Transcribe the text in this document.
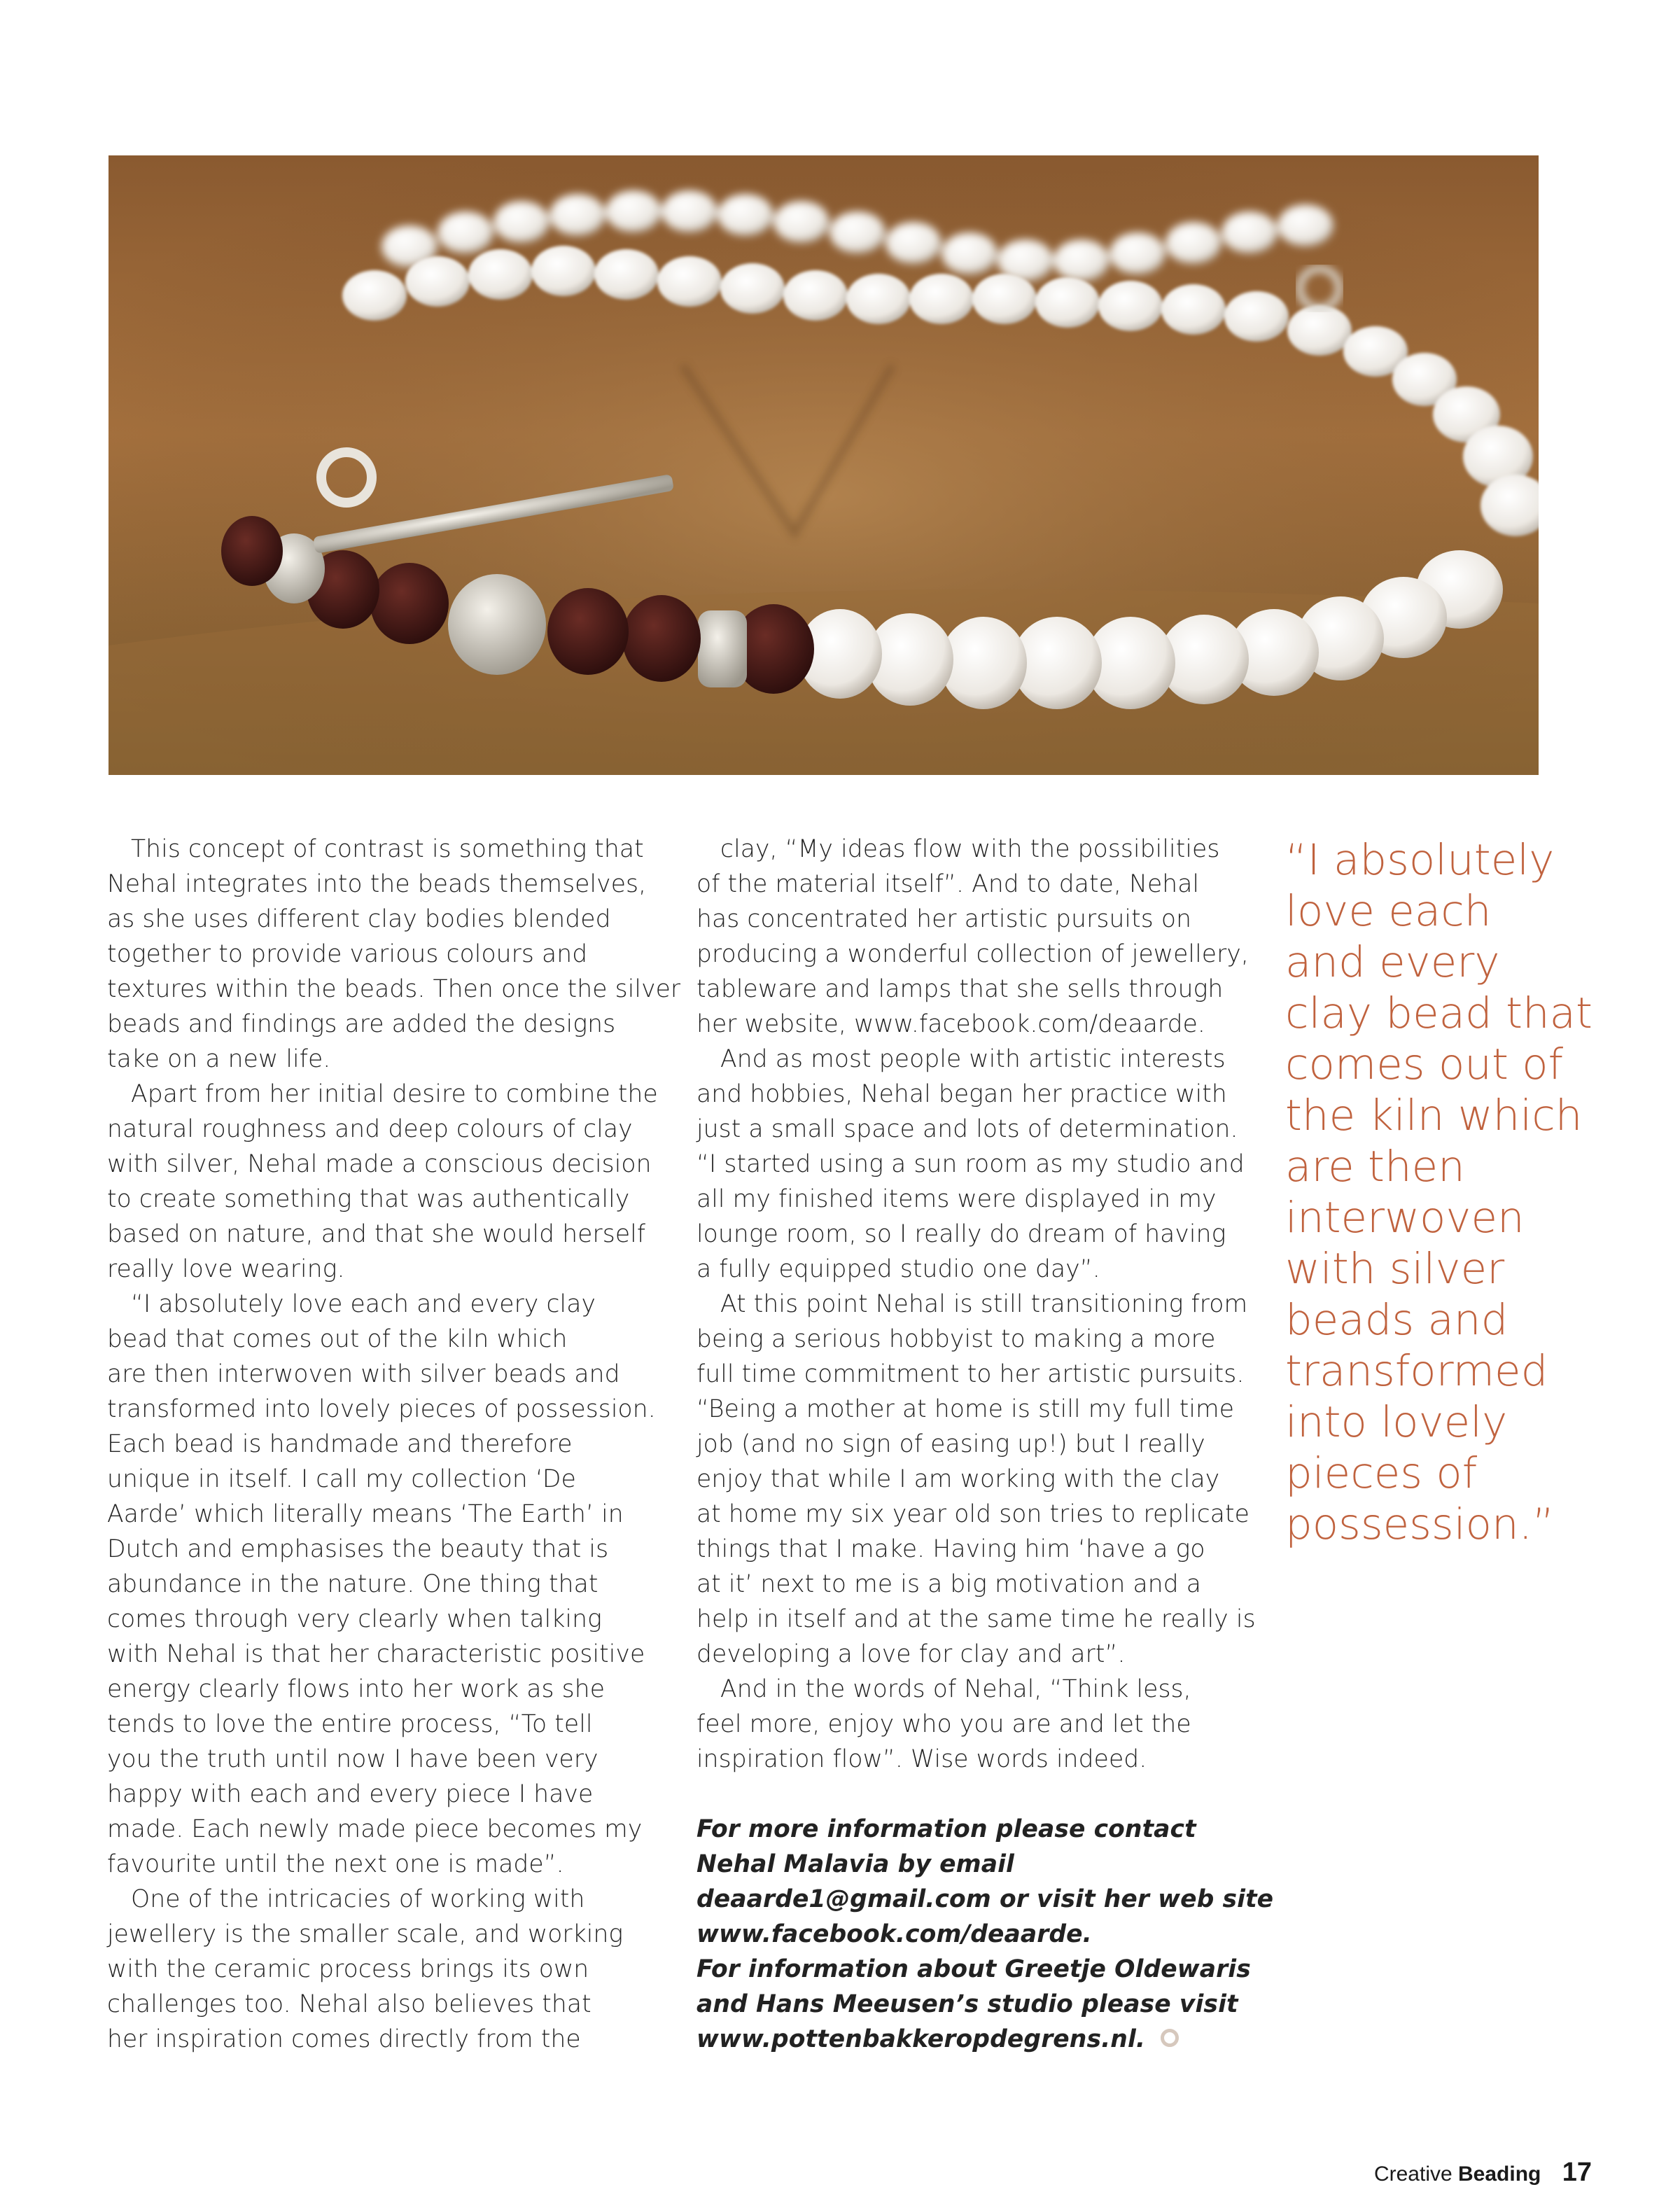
This concept of contrast is something that
Nehal integrates into the beads themselves,
as she uses different clay bodies blended
together to provide various colours and
textures within the beads. Then once the silver
beads and findings are added the designs
take on a new life.

Apart from her initial desire to combine the
natural roughness and deep colours of clay
with silver, Nehal made a conscious decision
to create something that was authentically
based on nature, and that she would herself
really love wearing.

“I absolutely love each and every clay
bead that comes out of the kiln which
are then interwoven with silver beads and
transformed into lovely pieces of possession.
Each bead is handmade and therefore
unique in itself. I call my collection ‘De
Aarde’ which literally means ‘The Earth’ in
Dutch and emphasises the beauty that is
abundance in the nature. One thing that
comes through very clearly when talking
with Nehal is that her characteristic positive
energy clearly flows into her work as she
tends to love the entire process, “To tell
you the truth until now I have been very
happy with each and every piece I have
made. Each newly made piece becomes my
favourite until the next one is made”.

One of the intricacies of working with
jewellery is the smaller scale, and working
with the ceramic process brings its own
challenges too. Nehal also believes that
her inspiration comes directly from the

clay, “My ideas flow with the possibilities
of the material itself”. And to date, Nehal
has concentrated her artistic pursuits on
producing a wonderful collection of jewellery,
tableware and lamps that she sells through
her website, www.facebook.com/deaarde.

And as most people with artistic interests
and hobbies, Nehal began her practice with
just a small space and lots of determination.
“I started using a sun room as my studio and
all my finished items were displayed in my
lounge room, so I really do dream of having
a fully equipped studio one day”.

At this point Nehal is still transitioning from
being a serious hobbyist to making a more
full time commitment to her artistic pursuits.
“Being a mother at home is still my full time
job (and no sign of easing up!) but I really
enjoy that while I am working with the clay
at home my six year old son tries to replicate
things that I make. Having him ‘have a go
at it’ next to me is a big motivation and a
help in itself and at the same time he really is
developing a love for clay and art”.

And in the words of Nehal, “Think less,
feel more, enjoy who you are and let the
inspiration flow”. Wise words indeed.

For more information please contact
Nehal Malavia by email
deaarde1@gmail.com or visit her web site
www.facebook.com/deaarde.
For information about Greetje Oldewaris
and Hans Meeusen’s studio please visit
www.pottenbakkeropdegrens.nl.
“I absolutely
love each
and every
clay bead that
comes out of
the kiln which
are then
interwoven
with silver
beads and
transformed
into lovely
pieces of
possession.”
Creative Beading 17
